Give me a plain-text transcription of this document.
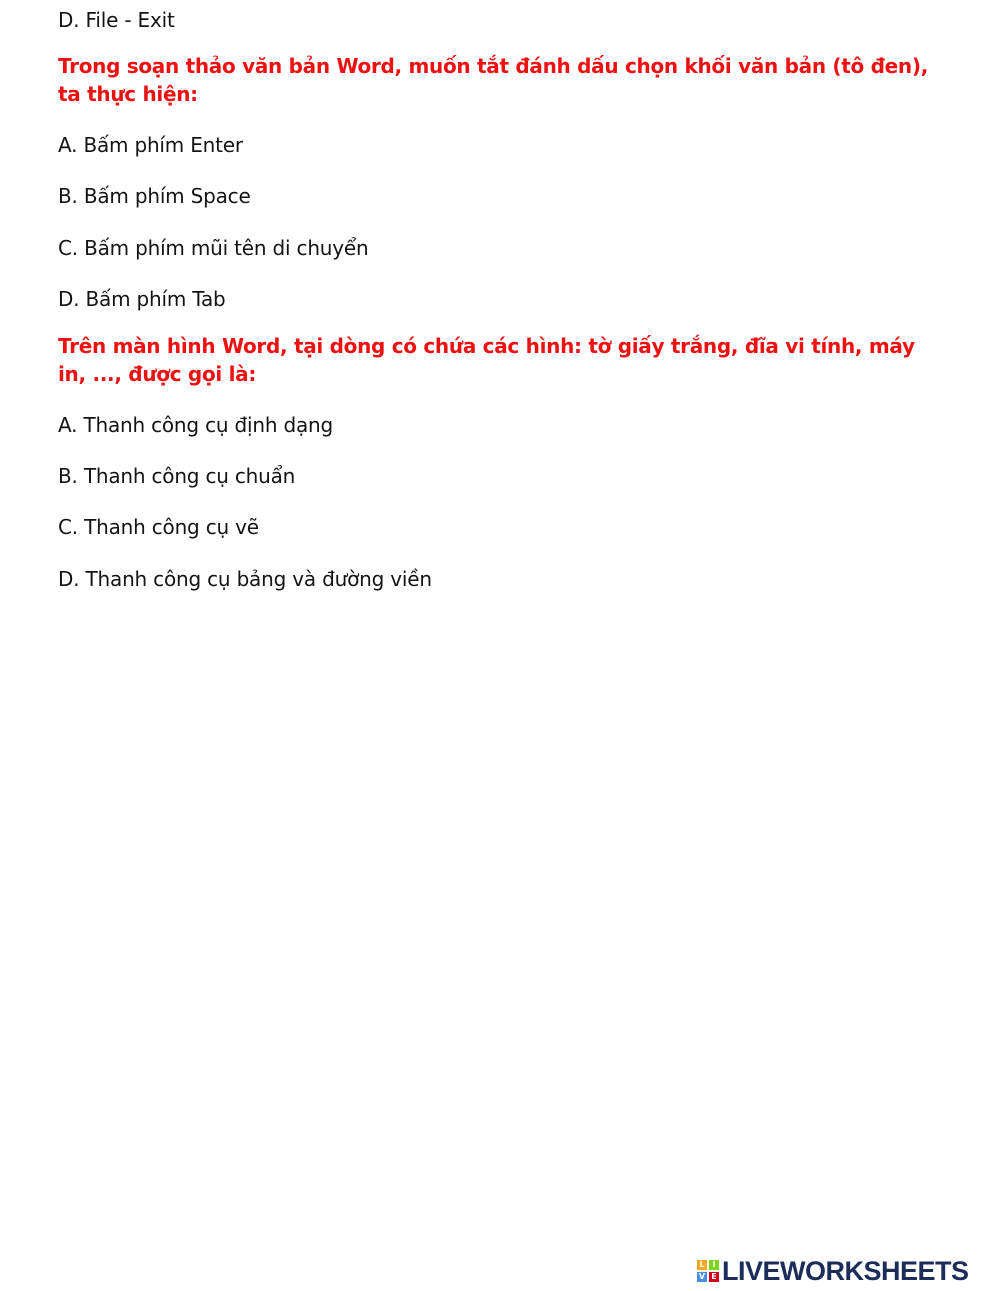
D. File - Exit

Trong soạn thảo văn bản Word, muốn tắt đánh dấu chọn khối văn bản (tô đen), ta thực hiện:

A. Bấm phím Enter

B. Bấm phím Space

C. Bấm phím mũi tên di chuyển

D. Bấm phím Tab

Trên màn hình Word, tại dòng có chứa các hình: tờ giấy trắng, đĩa vi tính, máy in, ..., được gọi là:

A. Thanh công cụ định dạng

B. Thanh công cụ chuẩn

C. Thanh công cụ vẽ

D. Thanh công cụ bảng và đường viền

L I
V E LIVEWORKSHEETS
